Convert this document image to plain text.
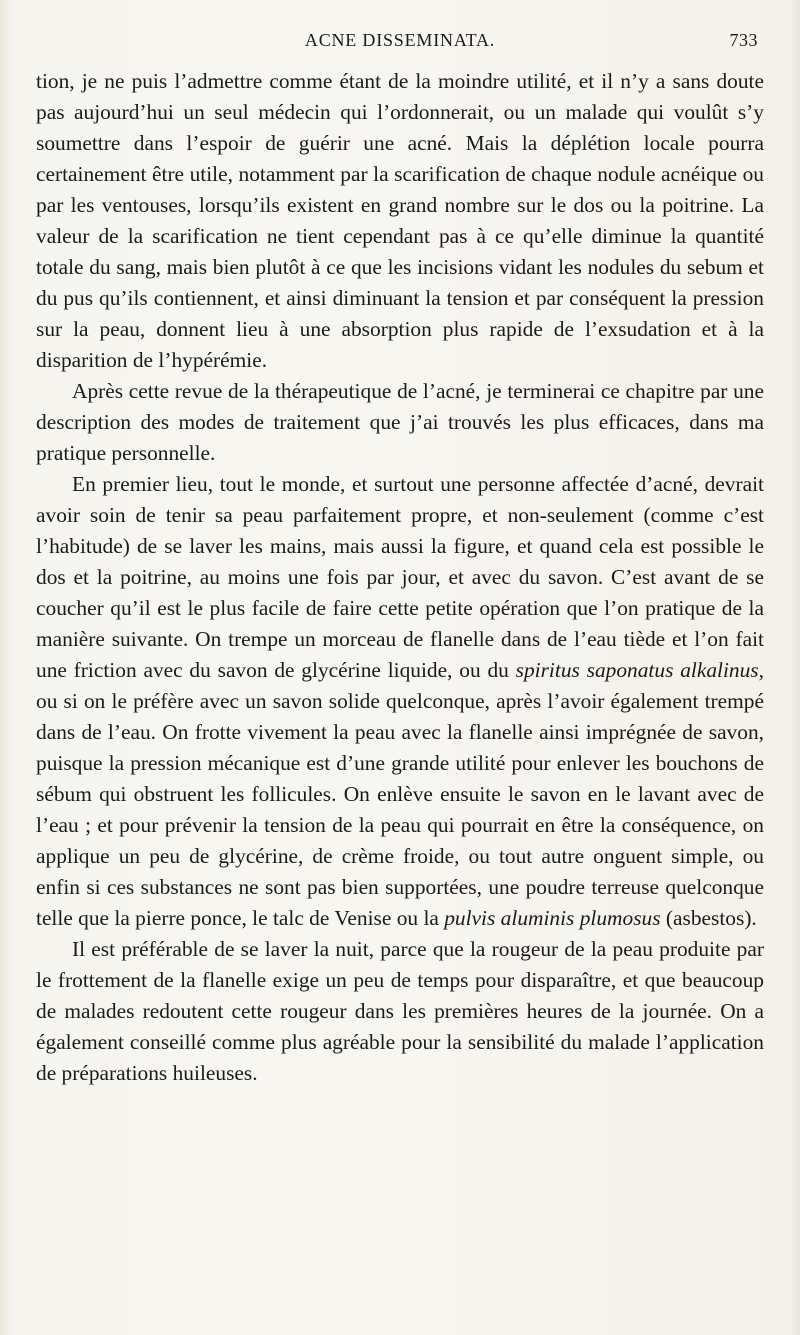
ACNE DISSEMINATA.	733

tion, je ne puis l’admettre comme étant de la moindre utilité, et il n’y a sans doute pas aujourd’hui un seul médecin qui l’ordonnerait, ou un malade qui voulût s’y soumettre dans l’espoir de guérir une acné. Mais la déplétion locale pourra certainement être utile, notamment par la scarification de chaque nodule acnéique ou par les ventouses, lorsqu’ils existent en grand nombre sur le dos ou la poitrine. La valeur de la scarification ne tient cependant pas à ce qu’elle diminue la quantité totale du sang, mais bien plutôt à ce que les incisions vidant les nodules du sebum et du pus qu’ils contiennent, et ainsi diminuant la tension et par conséquent la pression sur la peau, donnent lieu à une absorption plus rapide de l’exsudation et à la disparition de l’hypérémie.

Après cette revue de la thérapeutique de l’acné, je terminerai ce chapitre par une description des modes de traitement que j’ai trouvés les plus efficaces, dans ma pratique personnelle.

En premier lieu, tout le monde, et surtout une personne affectée d’acné, devrait avoir soin de tenir sa peau parfaitement propre, et non-seulement (comme c’est l’habitude) de se laver les mains, mais aussi la figure, et quand cela est possible le dos et la poitrine, au moins une fois par jour, et avec du savon. C’est avant de se coucher qu’il est le plus facile de faire cette petite opération que l’on pratique de la manière suivante. On trempe un morceau de flanelle dans de l’eau tiède et l’on fait une friction avec du savon de glycérine liquide, ou du spiritus saponatus alkalinus, ou si on le préfère avec un savon solide quelconque, après l’avoir également trempé dans de l’eau. On frotte vivement la peau avec la flanelle ainsi imprégnée de savon, puisque la pression mécanique est d’une grande utilité pour enlever les bouchons de sébum qui obstruent les follicules. On enlève ensuite le savon en le lavant avec de l’eau ; et pour prévenir la tension de la peau qui pourrait en être la conséquence, on applique un peu de glycérine, de crème froide, ou tout autre onguent simple, ou enfin si ces substances ne sont pas bien supportées, une poudre terreuse quelconque telle que la pierre ponce, le talc de Venise ou la pulvis aluminis plumosus (asbestos).

Il est préférable de se laver la nuit, parce que la rougeur de la peau produite par le frottement de la flanelle exige un peu de temps pour disparaître, et que beaucoup de malades redoutent cette rougeur dans les premières heures de la journée. On a également conseillé comme plus agréable pour la sensibilité du malade l’application de préparations huileuses.
